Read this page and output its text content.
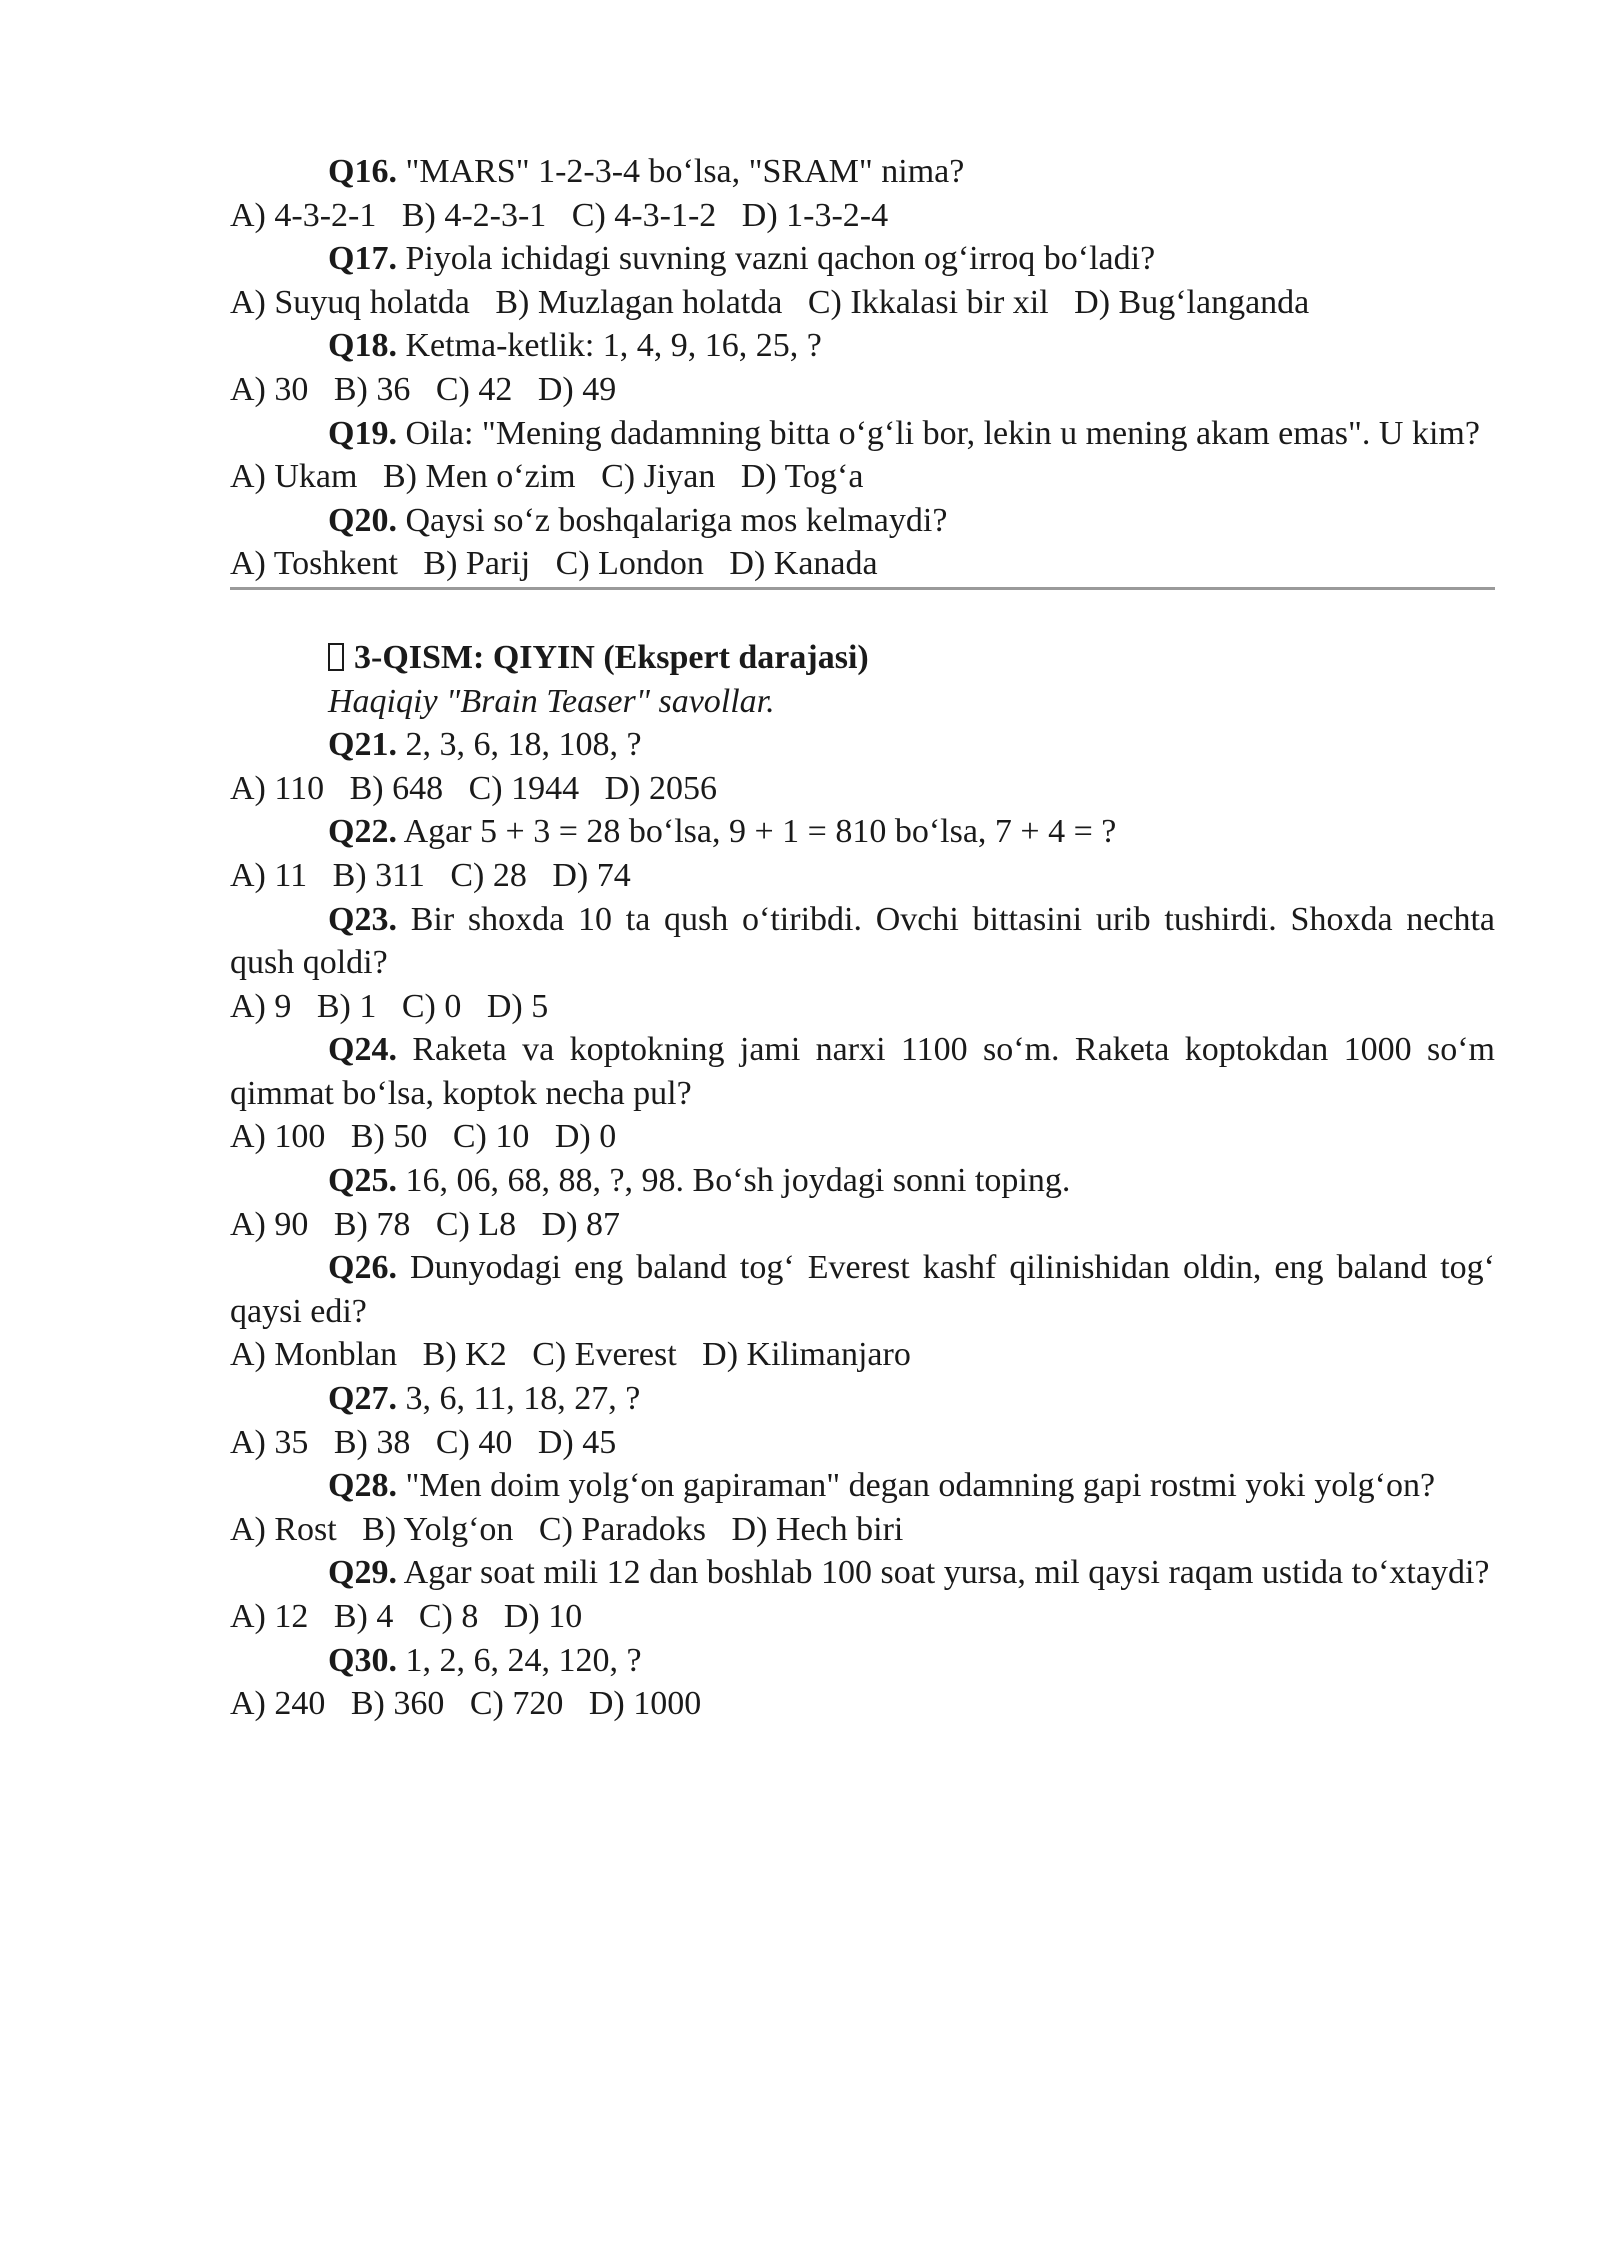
Q16. "MARS" 1-2-3-4 bo‘lsa, "SRAM" nima?

A) 4-3-2-1   B) 4-2-3-1   C) 4-3-1-2   D) 1-3-2-4

Q17. Piyola ichidagi suvning vazni qachon og‘irroq bo‘ladi?

A) Suyuq holatda   B) Muzlagan holatda   C) Ikkalasi bir xil   D) Bug‘langanda

Q18. Ketma-ketlik: 1, 4, 9, 16, 25, ?

A) 30   B) 36   C) 42   D) 49

Q19. Oila: "Mening dadamning bitta o‘g‘li bor, lekin u mening akam emas". U kim?

A) Ukam   B) Men o‘zim   C) Jiyan   D) Tog‘a

Q20. Qaysi so‘z boshqalariga mos kelmaydi?

A) Toshkent   B) Parij   C) London   D) Kanada

3-QISM: QIYIN (Ekspert darajasi)

Haqiqiy "Brain Teaser" savollar.

Q21. 2, 3, 6, 18, 108, ?

A) 110   B) 648   C) 1944   D) 2056

Q22. Agar 5 + 3 = 28 bo‘lsa, 9 + 1 = 810 bo‘lsa, 7 + 4 = ?

A) 11   B) 311   C) 28   D) 74

Q23. Bir shoxda 10 ta qush o‘tiribdi. Ovchi bittasini urib tushirdi. Shoxda nechta qush qoldi?

A) 9   B) 1   C) 0   D) 5

Q24. Raketa va koptokning jami narxi 1100 so‘m. Raketa koptokdan 1000 so‘m qimmat bo‘lsa, koptok necha pul?

A) 100   B) 50   C) 10   D) 0

Q25. 16, 06, 68, 88, ?, 98. Bo‘sh joydagi sonni toping.

A) 90   B) 78   C) L8   D) 87

Q26. Dunyodagi eng baland tog‘ Everest kashf qilinishidan oldin, eng baland tog‘ qaysi edi?

A) Monblan   B) K2   C) Everest   D) Kilimanjaro

Q27. 3, 6, 11, 18, 27, ?

A) 35   B) 38   C) 40   D) 45

Q28. "Men doim yolg‘on gapiraman" degan odamning gapi rostmi yoki yolg‘on?

A) Rost   B) Yolg‘on   C) Paradoks   D) Hech biri

Q29. Agar soat mili 12 dan boshlab 100 soat yursa, mil qaysi raqam ustida to‘xtaydi?

A) 12   B) 4   C) 8   D) 10

Q30. 1, 2, 6, 24, 120, ?

A) 240   B) 360   C) 720   D) 1000
